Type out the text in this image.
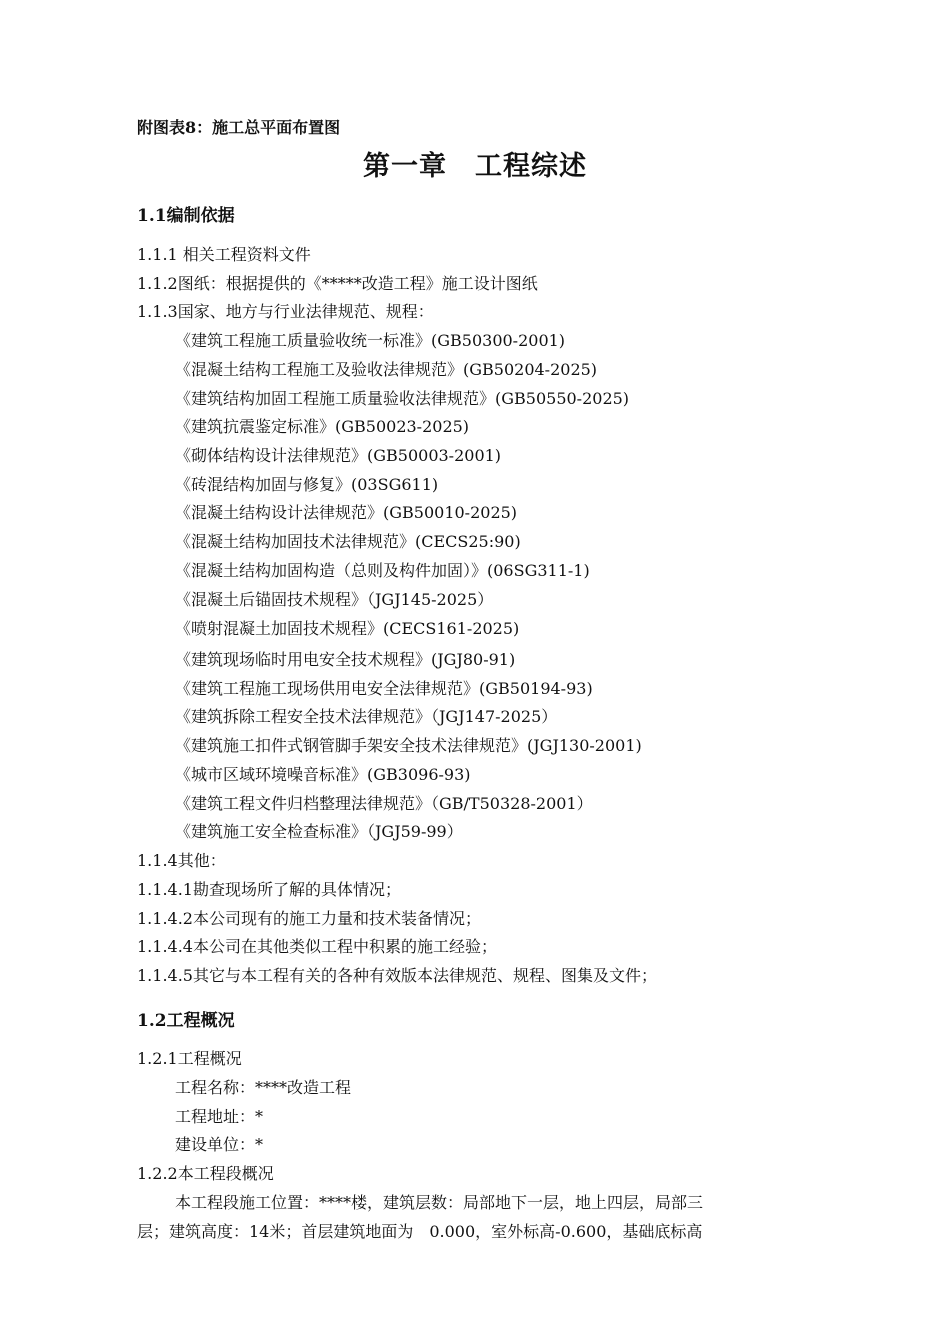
附图表8：施工总平面布置图
第一章　工程综述
1.1编制依据
1.1.1 相关工程资料文件
1.1.2图纸：根据提供的《*****改造工程》施工设计图纸
1.1.3国家、地方与行业法律规范、规程：
《建筑工程施工质量验收统一标准》(GB50300-2001)
《混凝土结构工程施工及验收法律规范》(GB50204-2025)
《建筑结构加固工程施工质量验收法律规范》(GB50550-2025)
《建筑抗震鉴定标准》(GB50023-2025)
《砌体结构设计法律规范》(GB50003-2001)
《砖混结构加固与修复》(03SG611)
《混凝土结构设计法律规范》(GB50010-2025)
《混凝土结构加固技术法律规范》(CECS25:90)
《混凝土结构加固构造（总则及构件加固）》(06SG311-1)
《混凝土后锚固技术规程》（JGJ145-2025）
《喷射混凝土加固技术规程》(CECS161-2025)
《建筑现场临时用电安全技术规程》(JGJ80-91)
《建筑工程施工现场供用电安全法律规范》(GB50194-93)
《建筑拆除工程安全技术法律规范》（JGJ147-2025）
《建筑施工扣件式钢管脚手架安全技术法律规范》(JGJ130-2001)
《城市区域环境噪音标准》(GB3096-93)
《建筑工程文件归档整理法律规范》（GB/T50328-2001）
《建筑施工安全检查标准》（JGJ59-99）
1.1.4其他：
1.1.4.1勘查现场所了解的具体情况；
1.1.4.2本公司现有的施工力量和技术装备情况；
1.1.4.4本公司在其他类似工程中积累的施工经验；
1.1.4.5其它与本工程有关的各种有效版本法律规范、规程、图集及文件；
1.2工程概况
1.2.1工程概况
工程名称：****改造工程
工程地址：*
建设单位：*
1.2.2本工程段概况
本工程段施工位置：****楼，建筑层数：局部地下一层，地上四层，局部三
层；建筑高度：14米；首层建筑地面为　0.000，室外标高-0.600，基础底标高
